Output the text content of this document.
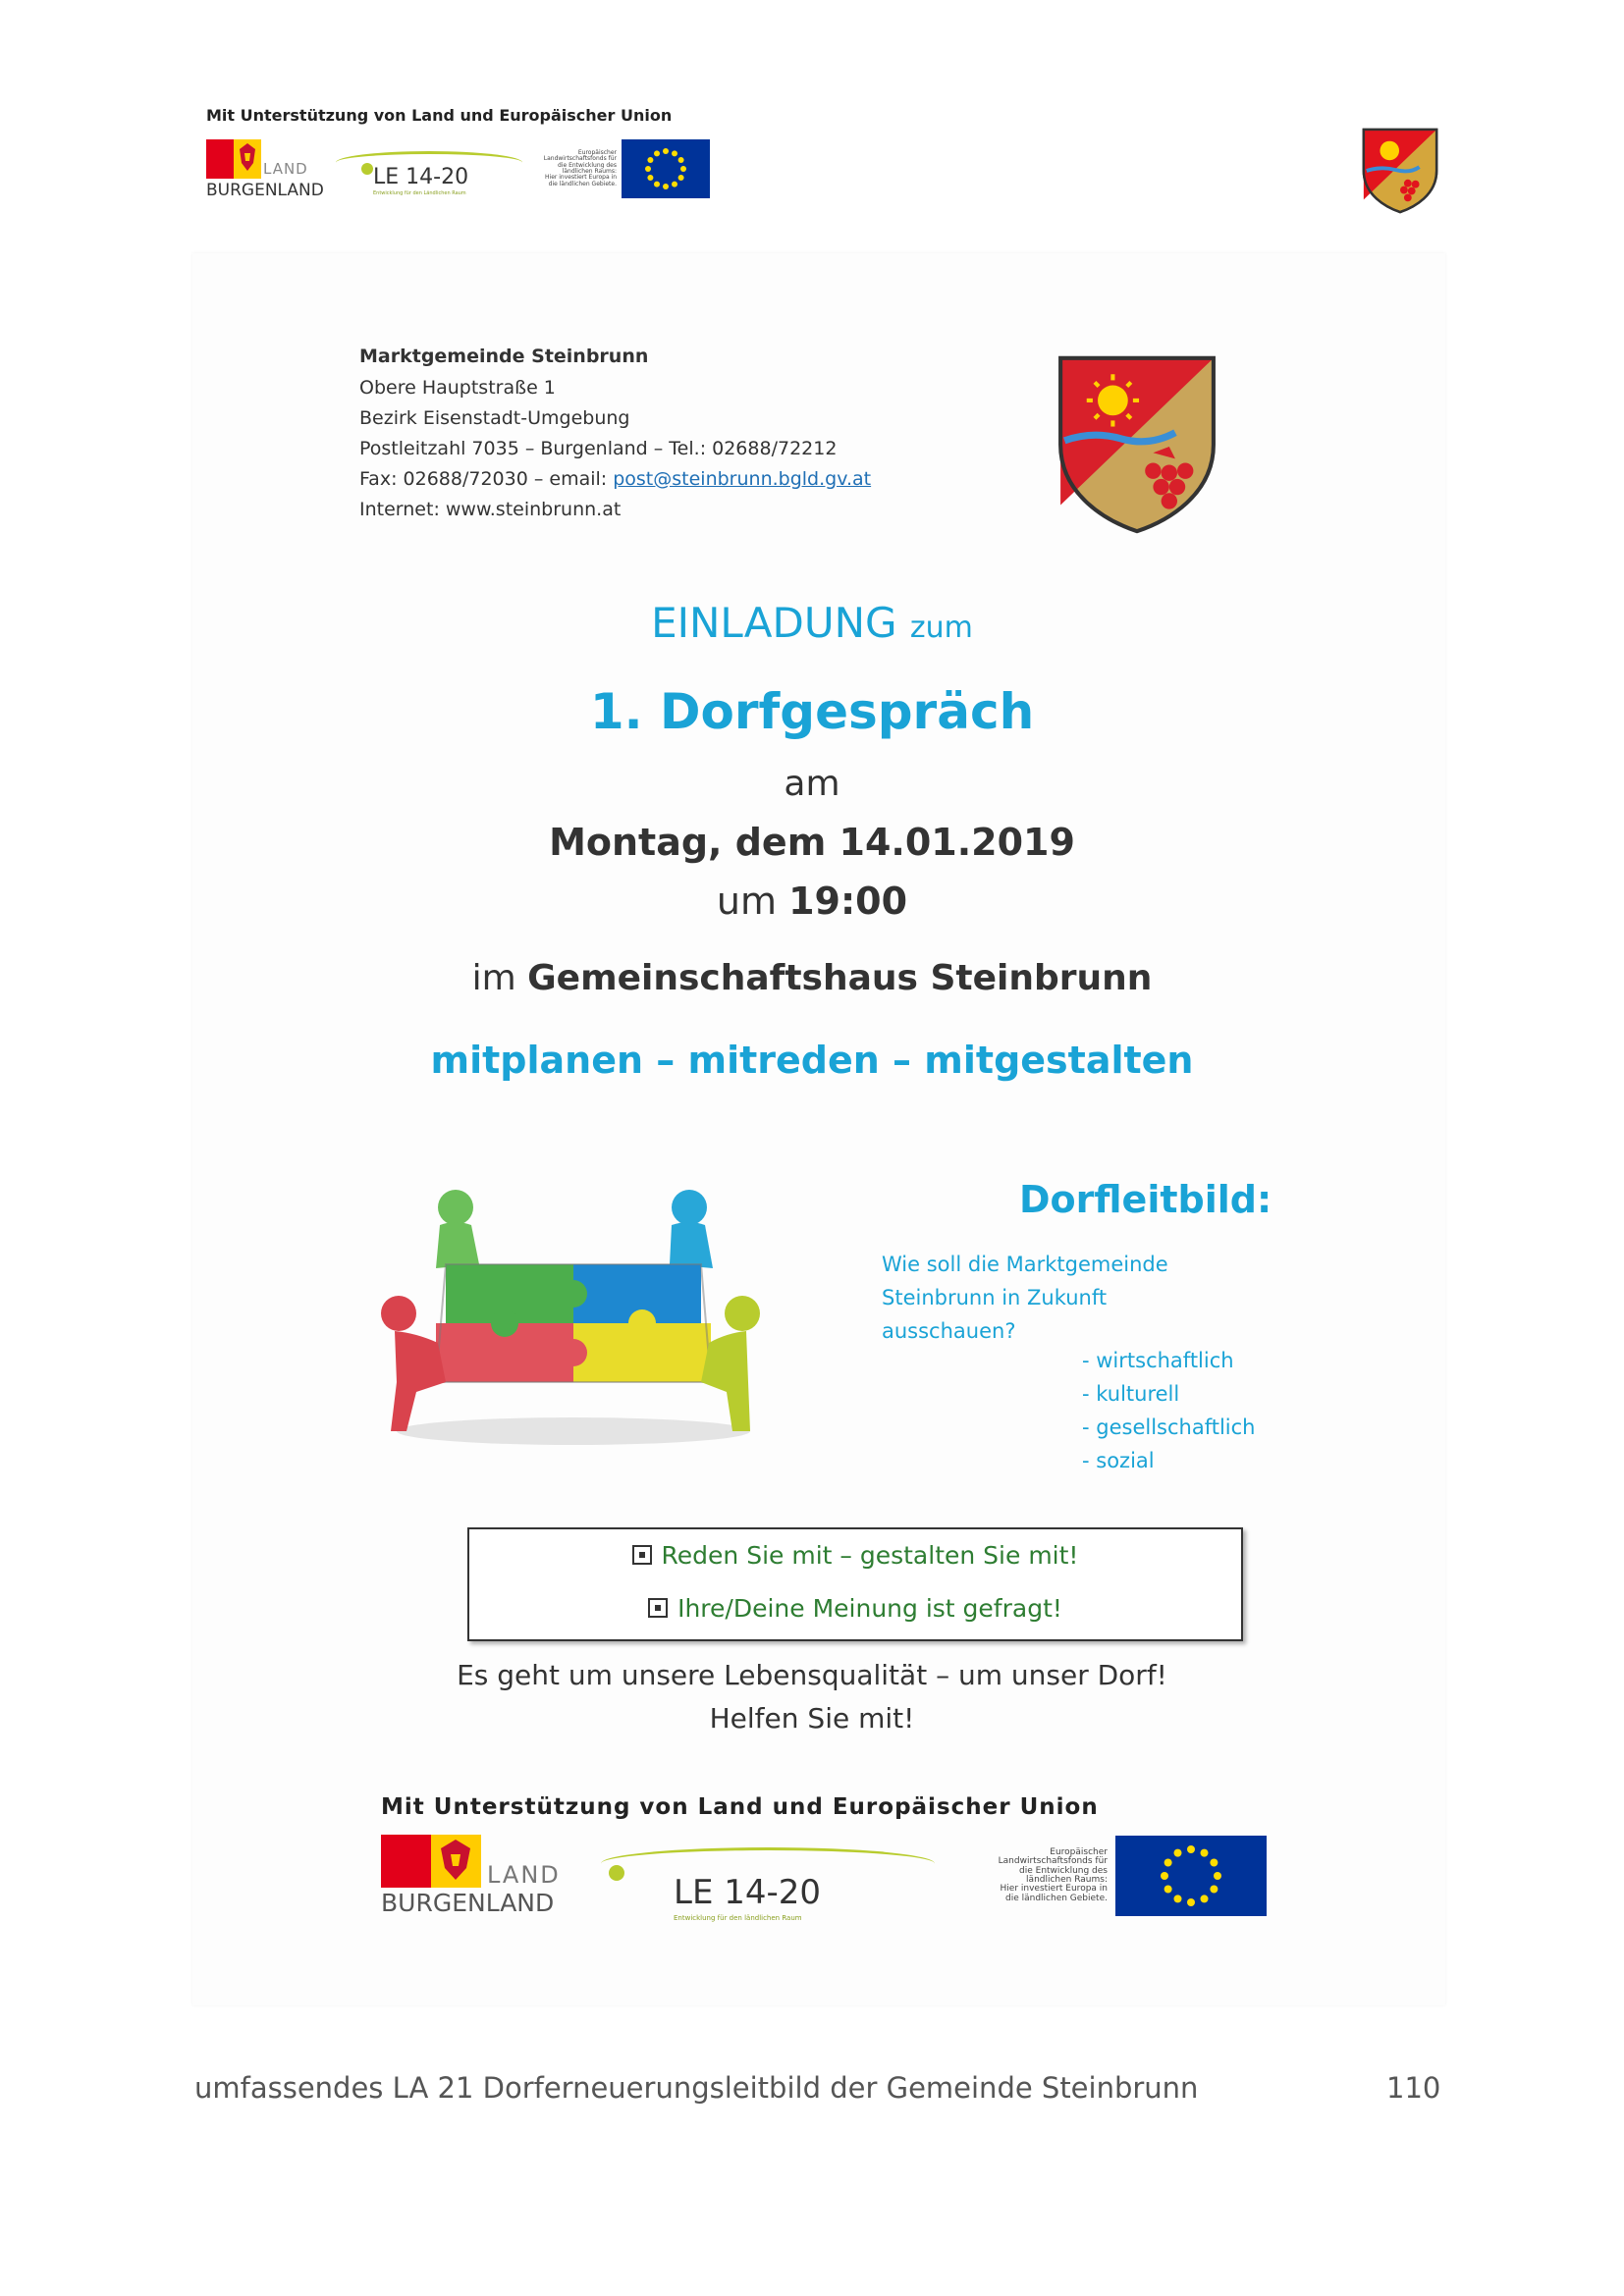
Mit Unterstützung von Land und Europäischer Union
LAND
BURGENLAND
LE 14-20
Entwicklung für den Ländlichen Raum
Europäischer
Landwirtschaftsfonds für
die Entwicklung des
ländlichen Raums:
Hier investiert Europa in
die ländlichen Gebiete.
Marktgemeinde Steinbrunn
Obere Hauptstraße 1
Bezirk Eisenstadt-Umgebung
Postleitzahl 7035 – Burgenland – Tel.: 02688/72212
Fax: 02688/72030 – email: post@steinbrunn.bgld.gv.at
Internet: www.steinbrunn.at
EINLADUNG zum
1. Dorfgespräch
am
Montag, dem 14.01.2019
um 19:00
im Gemeinschaftshaus Steinbrunn
mitplanen – mitreden – mitgestalten
Dorfleitbild:
Wie soll die Marktgemeinde
Steinbrunn in Zukunft
ausschauen?
- wirtschaftlich
- kulturell
- gesellschaftlich
- sozial
Reden Sie mit – gestalten Sie mit!
Ihre/Deine Meinung ist gefragt!
Es geht um unsere Lebensqualität – um unser Dorf!
Helfen Sie mit!
Mit Unterstützung von Land und Europäischer Union
LAND
BURGENLAND	LE 14-20
Entwicklung für den ländlichen Raum
Europäischer
Landwirtschaftsfonds für
die Entwicklung des
ländlichen Raums:
Hier investiert Europa in
die ländlichen Gebiete.
umfassendes LA 21 Dorferneuerungsleitbild der Gemeinde Steinbrunn	110
